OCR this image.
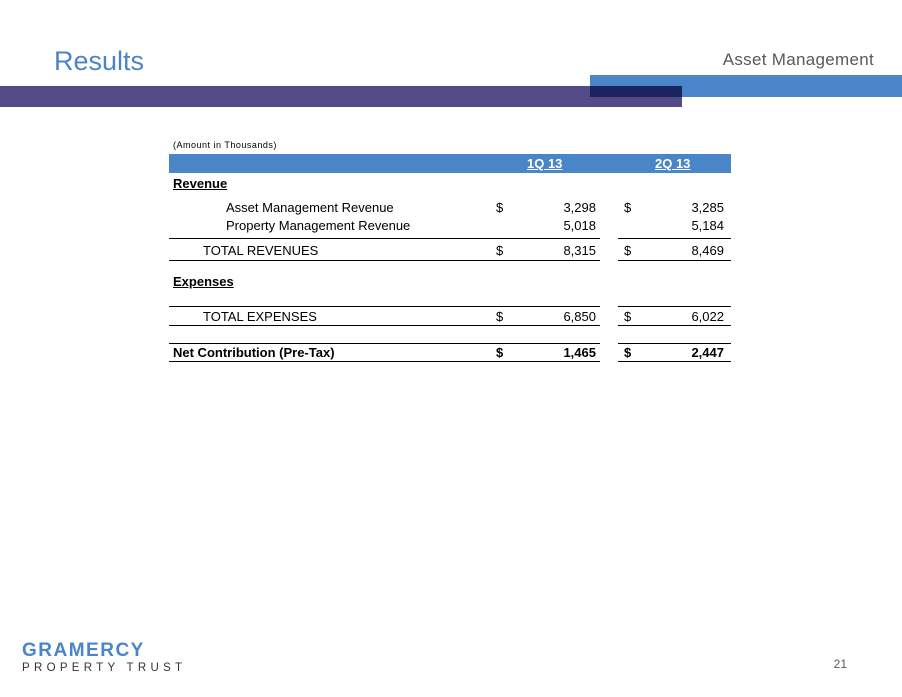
Results	Asset Management
(Amount in Thousands)
1Q 13	2Q 13
Revenue
Asset Management Revenue	$	3,298 $	3,285
Property Management Revenue	5,018	5,184
TOTAL REVENUES	$	8,315 $	8,469
Expenses
TOTAL EXPENSES	$	6,850 $	6,022
Net Contribution (Pre-Tax)	$	1,465 $	2,447
GRAMERCY
PROPERTY TRUST	21
